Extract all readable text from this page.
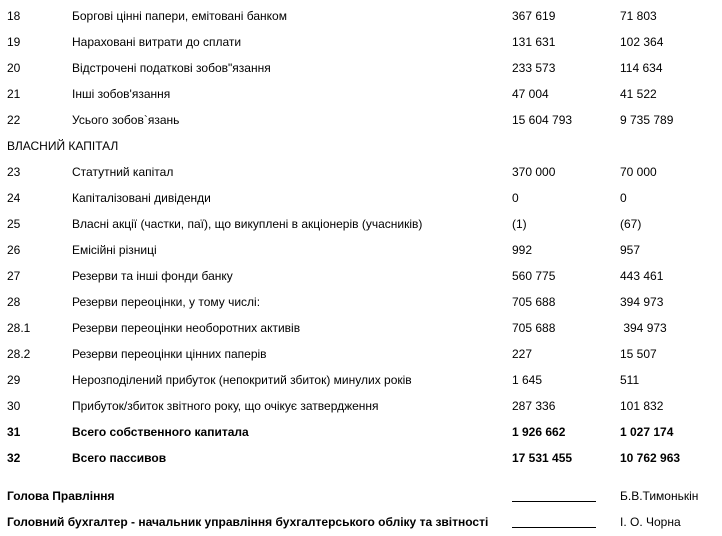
18	Боргові цінні папери, емітовані банком	367 619	71 803
19	Нараховані витрати до сплати	131 631	102 364
20	Відстрочені податкові зобов"язання	233 573	114 634
21	Інші зобов'язання	47 004	41 522
22	Усього зобов`язань	15 604 793	9 735 789
ВЛАСНИЙ КАПІТАЛ
23	Статутний капітал	370 000	70 000
24	Капіталізовані дивіденди	0	0
25	Власні акції (частки, паї), що викуплені в акціонерів (учасників)	(1)	(67)
26	Емісійні різниці	992	957
27	Резерви та інші фонди банку	560 775	443 461
28	Резерви переоцінки, у тому числі:	705 688	394 973
28.1	Резерви переоцінки необоротних активів	705 688	394 973
28.2	Резерви переоцінки цінних паперів	227	15 507
29	Нерозподілений прибуток (непокритий збиток) минулих років	1 645	511
30	Прибуток/збиток звітного року, що очікує затвердження	287 336	101 832
31	Всего собственного капитала	1 926 662	1 027 174
32	Всего пассивов	17 531 455	10 762 963
Голова Правління	Б.В.Тимонькін
Головний бухгалтер - начальник управління бухгалтерського обліку та звітності	І. О. Чорна
